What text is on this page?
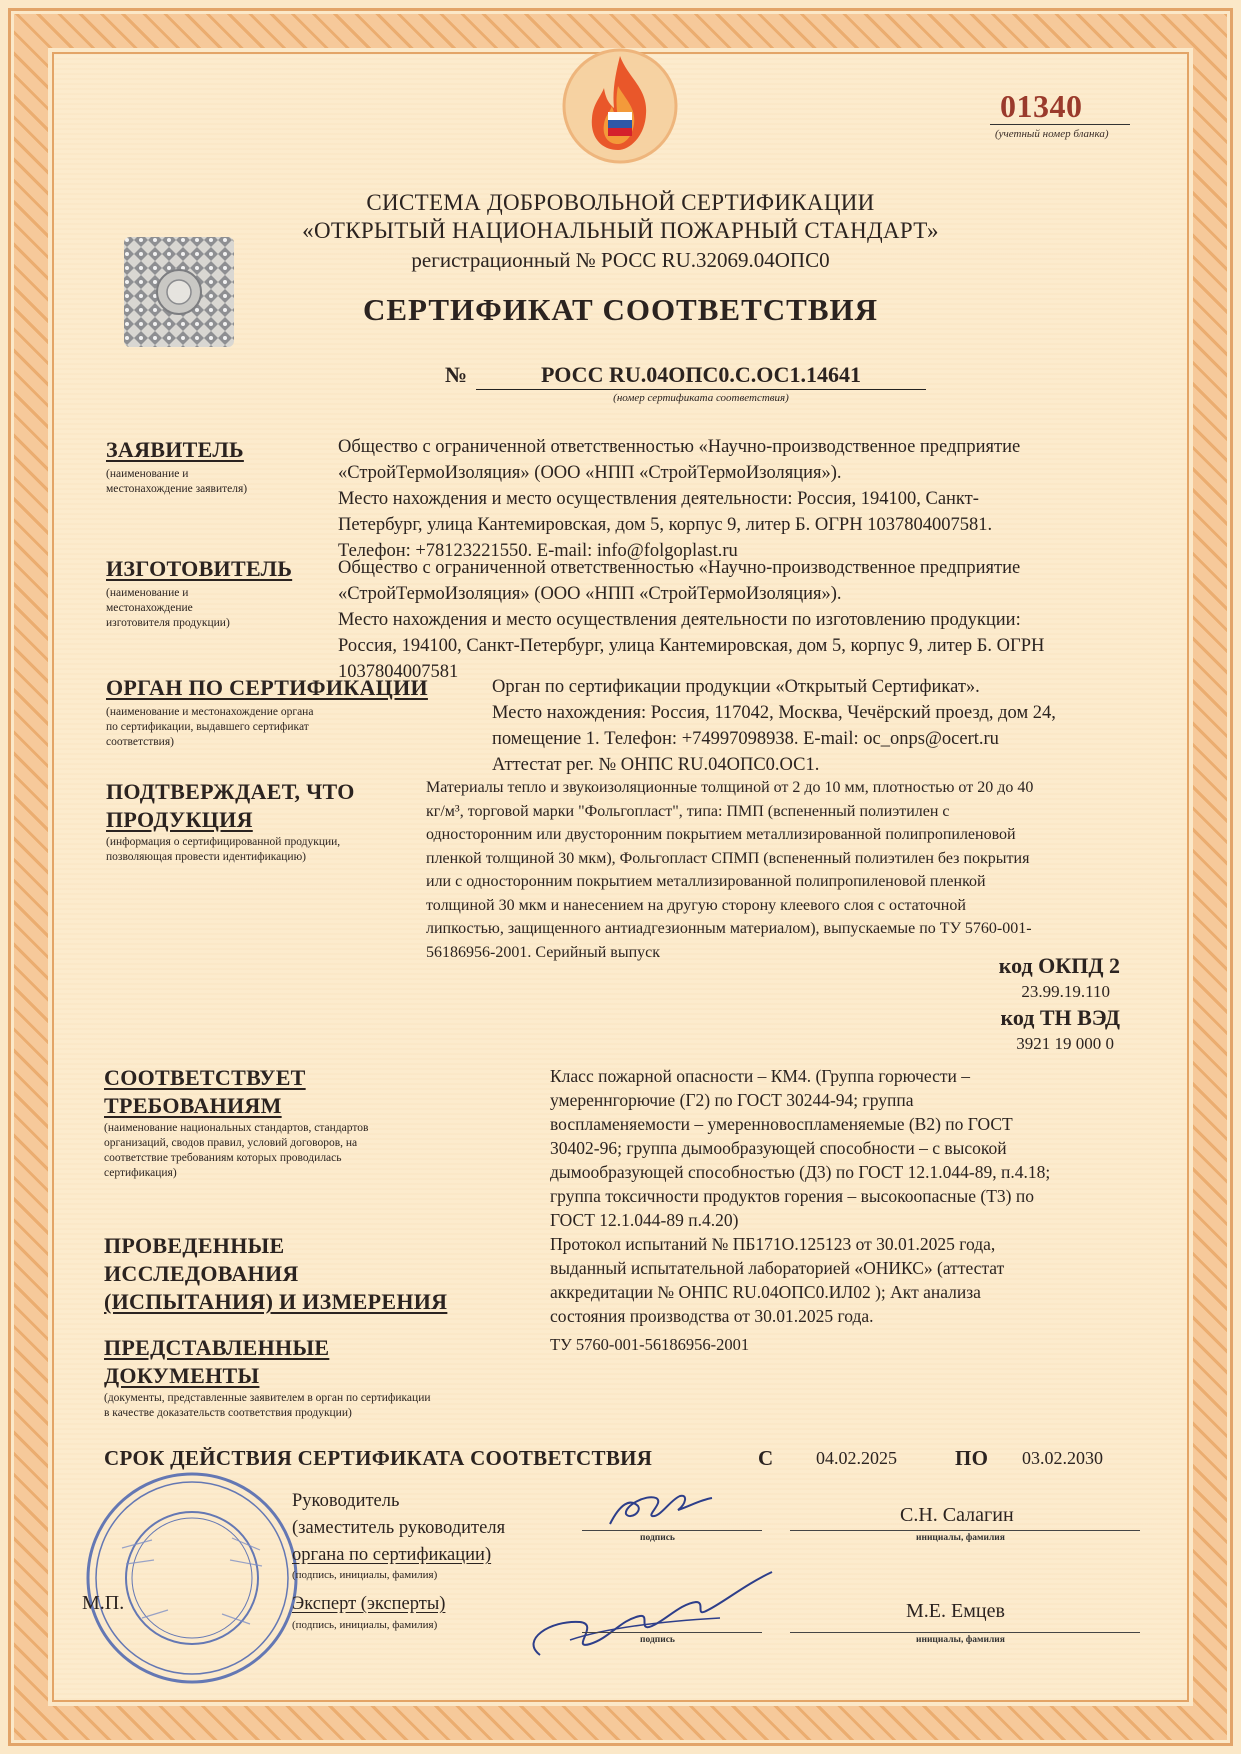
01340
(учетный номер бланка)
СИСТЕМА ДОБРОВОЛЬНОЙ СЕРТИФИКАЦИИ
«ОТКРЫТЫЙ НАЦИОНАЛЬНЫЙ ПОЖАРНЫЙ СТАНДАРТ»
регистрационный № РОСС RU.32069.04ОПС0
СЕРТИФИКАТ СООТВЕТСТВИЯ
№	РОСС RU.04ОПС0.С.ОС1.14641
(номер сертификата соответствия)
ЗАЯВИТЕЛЬ
(наименование и
местонахождение заявителя)
Общество с ограниченной ответственностью «Научно-производственное предприятие
«СтройТермоИзоляция» (ООО «НПП «СтройТермоИзоляция»).
Место нахождения и место осуществления деятельности: Россия, 194100, Санкт-
Петербург, улица Кантемировская, дом 5, корпус 9, литер Б. ОГРН 1037804007581.
Телефон: +78123221550. E-mail: info@folgoplast.ru
ИЗГОТОВИТЕЛЬ
(наименование и
местонахождение
изготовителя продукции)
Общество с ограниченной ответственностью «Научно-производственное предприятие
«СтройТермоИзоляция» (ООО «НПП «СтройТермоИзоляция»).
Место нахождения и место осуществления деятельности по изготовлению продукции:
Россия, 194100, Санкт-Петербург, улица Кантемировская, дом 5, корпус 9, литер Б. ОГРН
1037804007581
ОРГАН ПО СЕРТИФИКАЦИИ
(наименование и местонахождение органа
по сертификации, выдавшего сертификат
соответствия)
Орган по сертификации продукции «Открытый Сертификат».
Место нахождения: Россия, 117042, Москва, Чечёрский проезд, дом 24,
помещение 1. Телефон: +74997098938. E-mail: oc_onps@ocert.ru
Аттестат рег. № ОНПС RU.04ОПС0.ОС1.
ПОДТВЕРЖДАЕТ, ЧТО
ПРОДУКЦИЯ
(информация о сертифицированной продукции,
позволяющая провести идентификацию)
Материалы тепло и звукоизоляционные толщиной от 2 до 10 мм, плотностью от 20 до 40
кг/м³, торговой марки "Фольгопласт", типа: ПМП (вспененный полиэтилен с
односторонним или двусторонним покрытием металлизированной полипропиленовой
пленкой толщиной 30 мкм), Фольгопласт СПМП (вспененный полиэтилен без покрытия
или с односторонним покрытием металлизированной полипропиленовой пленкой
толщиной 30 мкм и нанесением на другую сторону клеевого слоя с остаточной
липкостью, защищенного антиадгезионным материалом), выпускаемые по ТУ 5760-001-
56186956-2001. Серийный выпуск
код ОКПД 2
23.99.19.110
код ТН ВЭД
3921 19 000 0
СООТВЕТСТВУЕТ
ТРЕБОВАНИЯМ
(наименование национальных стандартов, стандартов
организаций, сводов правил, условий договоров, на
соответствие требованиям которых проводилась
сертификация)
Класс пожарной опасности – КМ4. (Группа горючести –
умереннгорючие (Г2) по ГОСТ 30244-94; группа
воспламеняемости – умеренновоспламеняемые (В2) по ГОСТ
30402-96; группа дымообразующей способности – с высокой
дымообразующей способностью (Д3) по ГОСТ 12.1.044-89, п.4.18;
группа токсичности продуктов горения – высокоопасные (Т3) по
ГОСТ 12.1.044-89 п.4.20)
ПРОВЕДЕННЫЕ
ИССЛЕДОВАНИЯ
(ИСПЫТАНИЯ) И ИЗМЕРЕНИЯ
Протокол испытаний № ПБ171О.125123 от 30.01.2025 года,
выданный испытательной лабораторией «ОНИКС» (аттестат
аккредитации № ОНПС RU.04ОПС0.ИЛ02 ); Акт анализа
состояния производства от 30.01.2025 года.
ПРЕДСТАВЛЕННЫЕ
ДОКУМЕНТЫ
(документы, представленные заявителем в орган по сертификации
в качестве доказательств соответствия продукции)
ТУ 5760-001-56186956-2001
СРОК ДЕЙСТВИЯ СЕРТИФИКАТА СООТВЕТСТВИЯ	С 04.02.2025	ПО 03.02.2030
Руководитель
(заместитель руководителя
органа по сертификации)
(подпись, инициалы, фамилия)
подпись
С.Н. Салагин
инициалы, фамилия
М.П.	Эксперт (эксперты)
(подпись, инициалы, фамилия)
подпись
М.Е. Емцев
инициалы, фамилия
